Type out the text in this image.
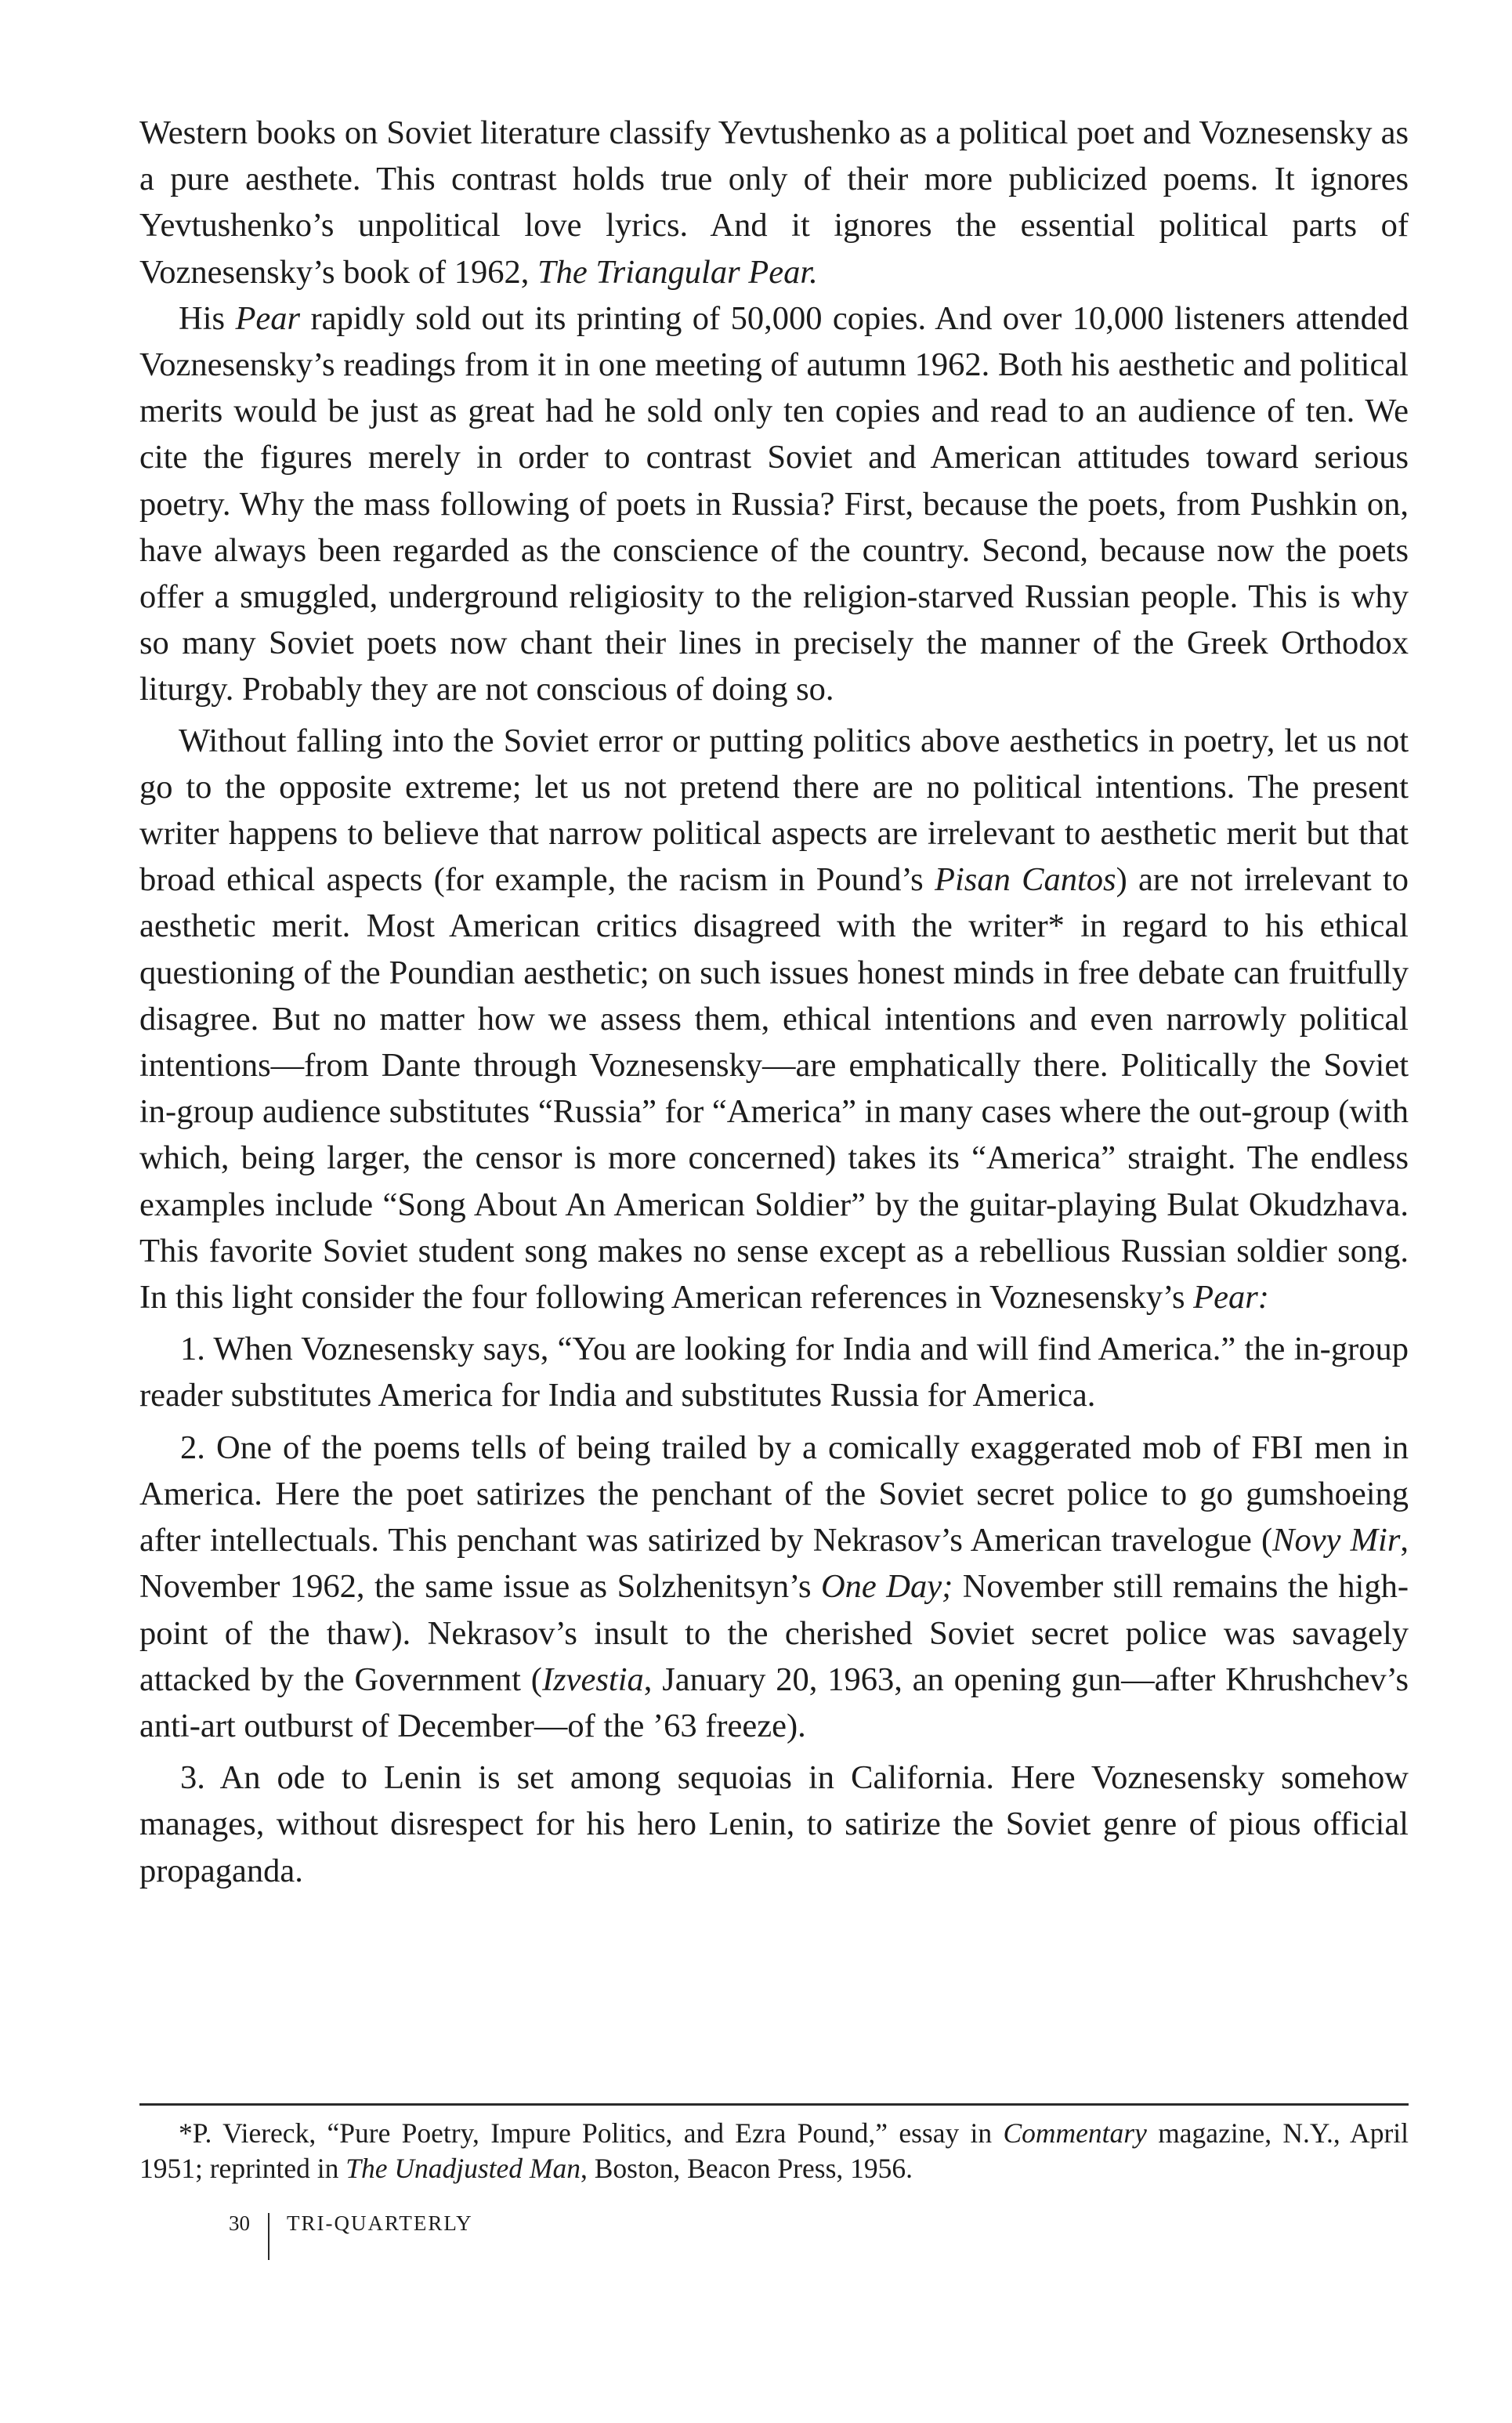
Western books on Soviet literature classify Yevtushenko as a political poet and Voznesensky as a pure aesthete. This contrast holds true only of their more publicized poems. It ignores Yevtushenko’s unpolitical love lyrics. And it ignores the essential political parts of Voznesensky’s book of 1962, The Triangular Pear.

His Pear rapidly sold out its printing of 50,000 copies. And over 10,000 listeners attended Voznesensky’s readings from it in one meeting of autumn 1962. Both his aesthetic and political merits would be just as great had he sold only ten copies and read to an audience of ten. We cite the figures merely in order to contrast Soviet and American attitudes toward serious poetry. Why the mass following of poets in Russia? First, because the poets, from Pushkin on, have always been regarded as the conscience of the country. Second, because now the poets offer a smuggled, underground religiosity to the religion-starved Russian people. This is why so many Soviet poets now chant their lines in precisely the manner of the Greek Orthodox liturgy. Probably they are not conscious of doing so.

Without falling into the Soviet error or putting politics above aesthetics in poetry, let us not go to the opposite extreme; let us not pretend there are no political intentions. The present writer happens to believe that narrow political aspects are irrelevant to aesthetic merit but that broad ethical aspects (for example, the racism in Pound’s Pisan Cantos) are not irrelevant to aesthetic merit. Most American critics disagreed with the writer* in regard to his ethical questioning of the Poundian aesthetic; on such issues honest minds in free debate can fruitfully disagree. But no matter how we assess them, ethical intentions and even narrowly political intentions—from Dante through Voznesensky—are emphatically there. Politically the Soviet in-group audience substitutes “Russia” for “America” in many cases where the out-group (with which, being larger, the censor is more concerned) takes its “America” straight. The endless examples include “Song About An American Soldier” by the guitar-playing Bulat Okudzhava. This favorite Soviet student song makes no sense except as a rebellious Russian soldier song. In this light consider the four following American references in Voznesensky’s Pear:

1. When Voznesensky says, “You are looking for India and will find America.” the in-group reader substitutes America for India and substitutes Russia for America.

2. One of the poems tells of being trailed by a comically exaggerated mob of FBI men in America. Here the poet satirizes the penchant of the Soviet secret police to go gumshoeing after intellectuals. This penchant was satirized by Nekrasov’s American travelogue (Novy Mir, November 1962, the same issue as Solzhenitsyn’s One Day; November still remains the high-point of the thaw). Nekrasov’s insult to the cherished Soviet secret police was savagely attacked by the Government (Izvestia, January 20, 1963, an opening gun—after Khrushchev’s anti-art outburst of December—of the ’63 freeze).

3. An ode to Lenin is set among sequoias in California. Here Voznesensky somehow manages, without disrespect for his hero Lenin, to satirize the Soviet genre of pious official propaganda.

*P. Viereck, “Pure Poetry, Impure Politics, and Ezra Pound,” essay in Commentary magazine, N.Y., April 1951; reprinted in The Unadjusted Man, Boston, Beacon Press, 1956.

30 TRI-QUARTERLY
